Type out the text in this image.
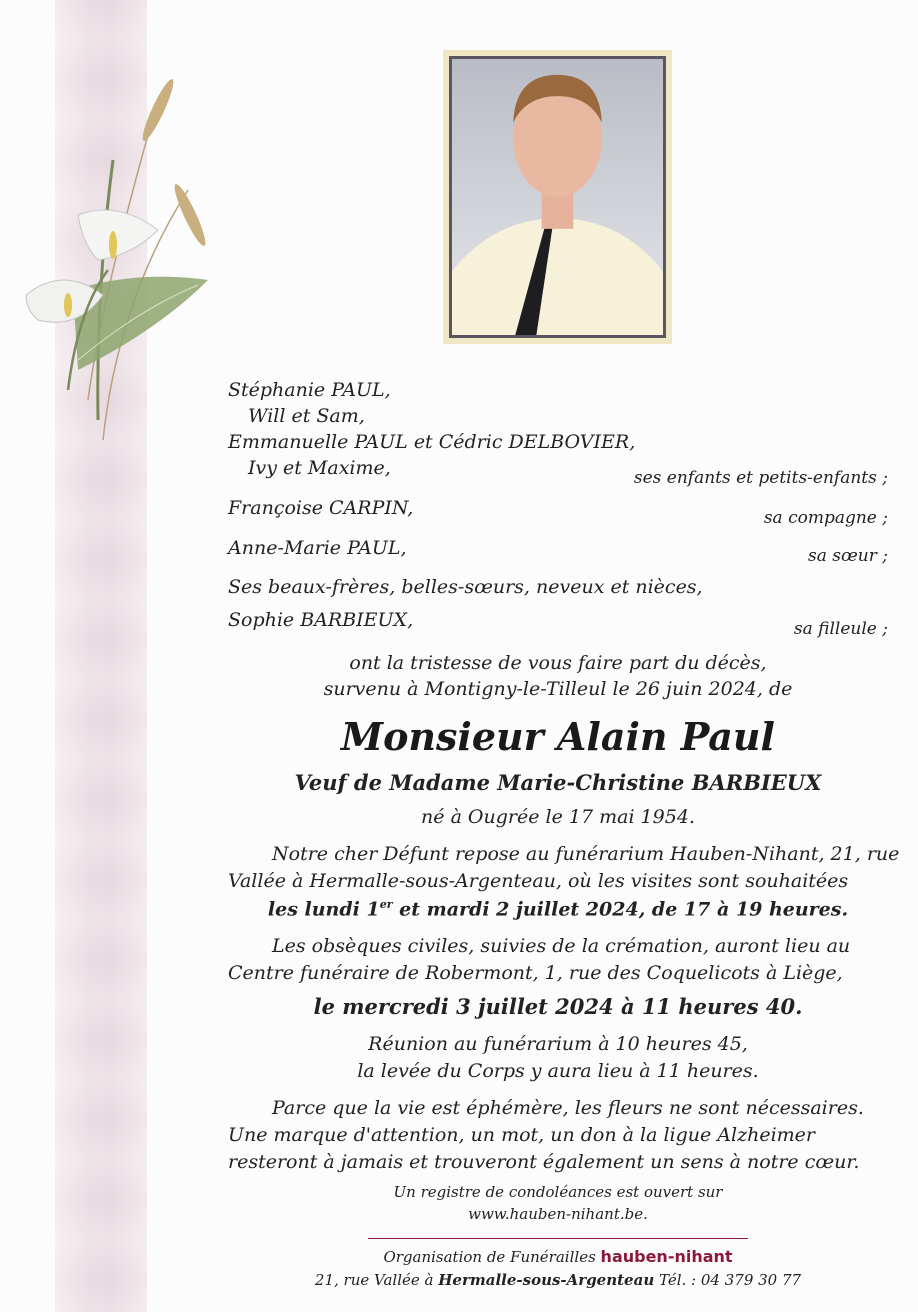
Stéphanie PAUL,
Will et Sam,
Emmanuelle PAUL et Cédric DELBOVIER,
Ivy et Maxime,	ses enfants et petits-enfants ;
Françoise CARPIN,	sa compagne ;
Anne-Marie PAUL,	sa sœur ;
Ses beaux-frères, belles-sœurs, neveux et nièces,
Sophie BARBIEUX,	sa filleule ;
ont la tristesse de vous faire part du décès,
survenu à Montigny-le-Tilleul le 26 juin 2024, de
Monsieur Alain Paul
Veuf de Madame Marie-Christine BARBIEUX
né à Ougrée le 17 mai 1954.
Notre cher Défunt repose au funérarium Hauben-Nihant, 21, rue
Vallée à Hermalle-sous-Argenteau, où les visites sont souhaitées
les lundi 1er et mardi 2 juillet 2024, de 17 à 19 heures.
Les obsèques civiles, suivies de la crémation, auront lieu au
Centre funéraire de Robermont, 1, rue des Coquelicots à Liège,
le mercredi 3 juillet 2024 à 11 heures 40.
Réunion au funérarium à 10 heures 45,
la levée du Corps y aura lieu à 11 heures.
Parce que la vie est éphémère, les fleurs ne sont nécessaires.
Une marque d'attention, un mot, un don à la ligue Alzheimer
resteront à jamais et trouveront également un sens à notre cœur.
Un registre de condoléances est ouvert sur
www.hauben-nihant.be.
Organisation de Funérailles hauben-nihant
21, rue Vallée à Hermalle-sous-Argenteau Tél. : 04 379 30 77
